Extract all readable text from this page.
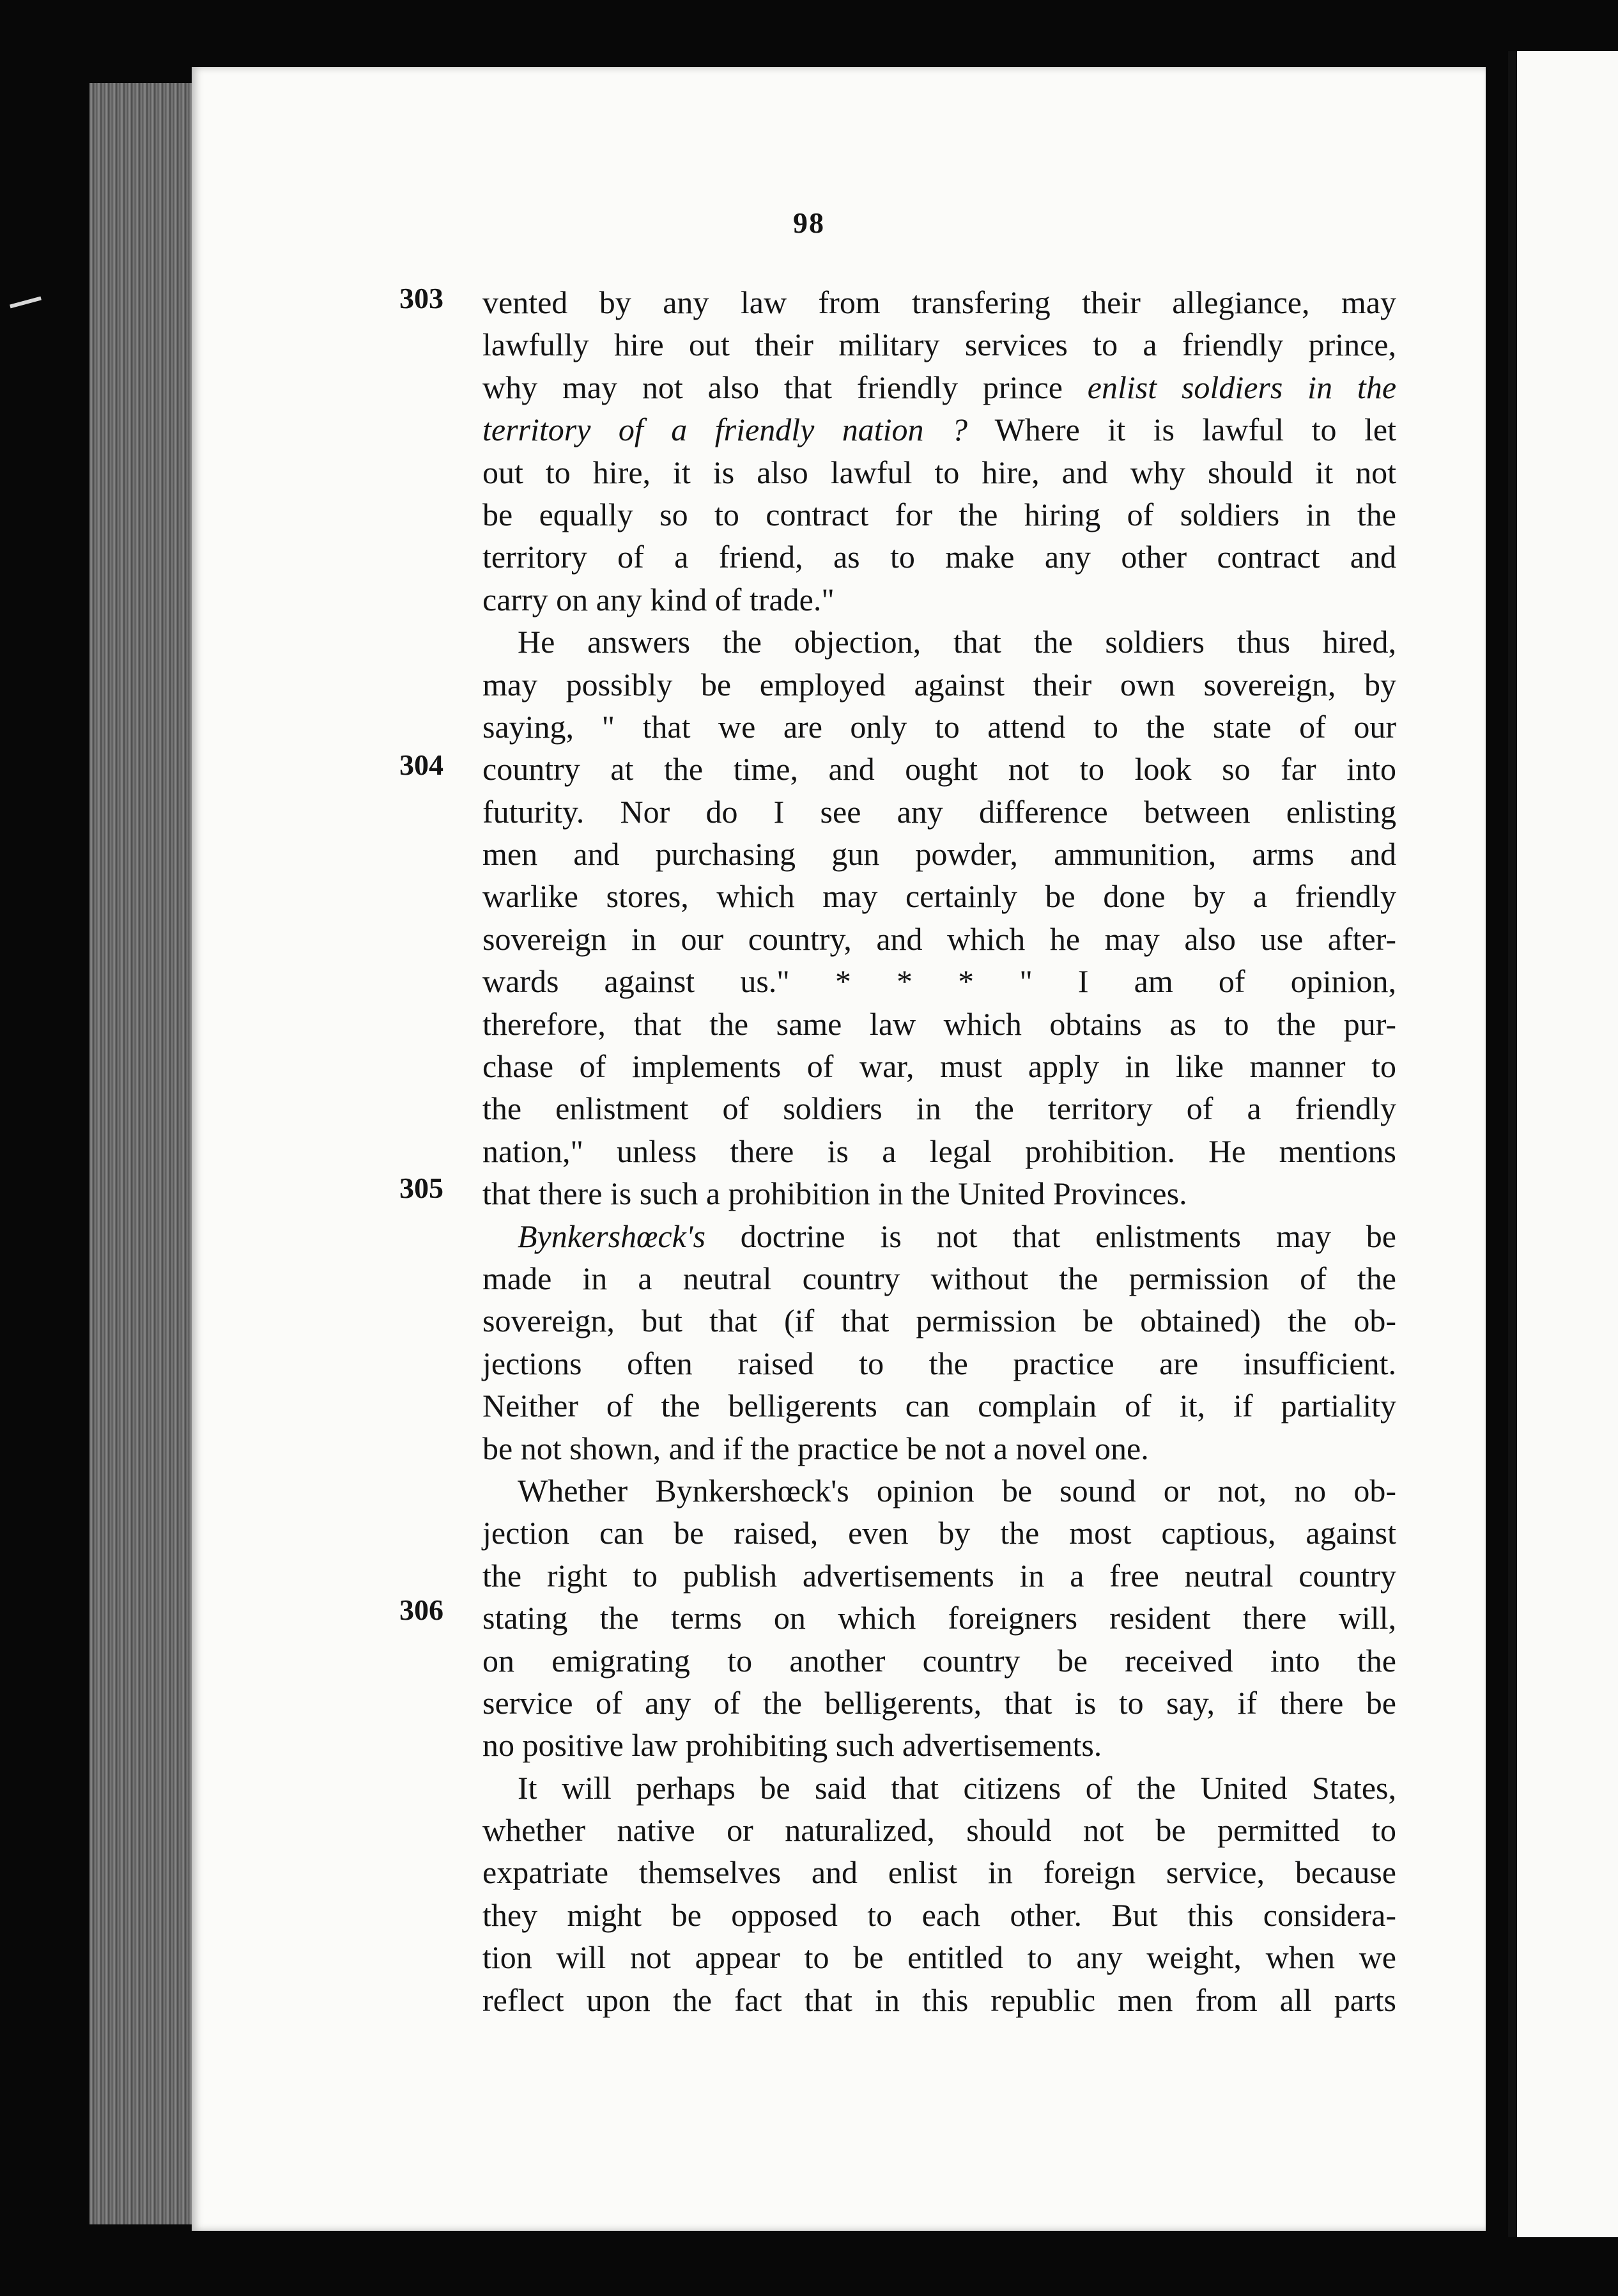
98
303
304
305
306
vented by any law from transfering their allegiance, may
lawfully hire out their military services to a friendly prince,
why may not also that friendly prince enlist soldiers in the
territory of a friendly nation ? Where it is lawful to let
out to hire, it is also lawful to hire, and why should it not
be equally so to contract for the hiring of soldiers in the
territory of a friend, as to make any other contract and
carry on any kind of trade."
He answers the objection, that the soldiers thus hired,
may possibly be employed against their own sovereign, by
saying, " that we are only to attend to the state of our
country at the time, and ought not to look so far into
futurity. Nor do I see any difference between enlisting
men and purchasing gun powder, ammunition, arms and
warlike stores, which may certainly be done by a friendly
sovereign in our country, and which he may also use after-
wards against us." * * * " I am of opinion,
therefore, that the same law which obtains as to the pur-
chase of implements of war, must apply in like manner to
the enlistment of soldiers in the territory of a friendly
nation," unless there is a legal prohibition. He mentions
that there is such a prohibition in the United Provinces.
Bynkershœck's doctrine is not that enlistments may be
made in a neutral country without the permission of the
sovereign, but that (if that permission be obtained) the ob-
jections often raised to the practice are insufficient.
Neither of the belligerents can complain of it, if partiality
be not shown, and if the practice be not a novel one.
Whether Bynkershœck's opinion be sound or not, no ob-
jection can be raised, even by the most captious, against
the right to publish advertisements in a free neutral country
stating the terms on which foreigners resident there will,
on emigrating to another country be received into the
service of any of the belligerents, that is to say, if there be
no positive law prohibiting such advertisements.
It will perhaps be said that citizens of the United States,
whether native or naturalized, should not be permitted to
expatriate themselves and enlist in foreign service, because
they might be opposed to each other. But this considera-
tion will not appear to be entitled to any weight, when we
reflect upon the fact that in this republic men from all parts
